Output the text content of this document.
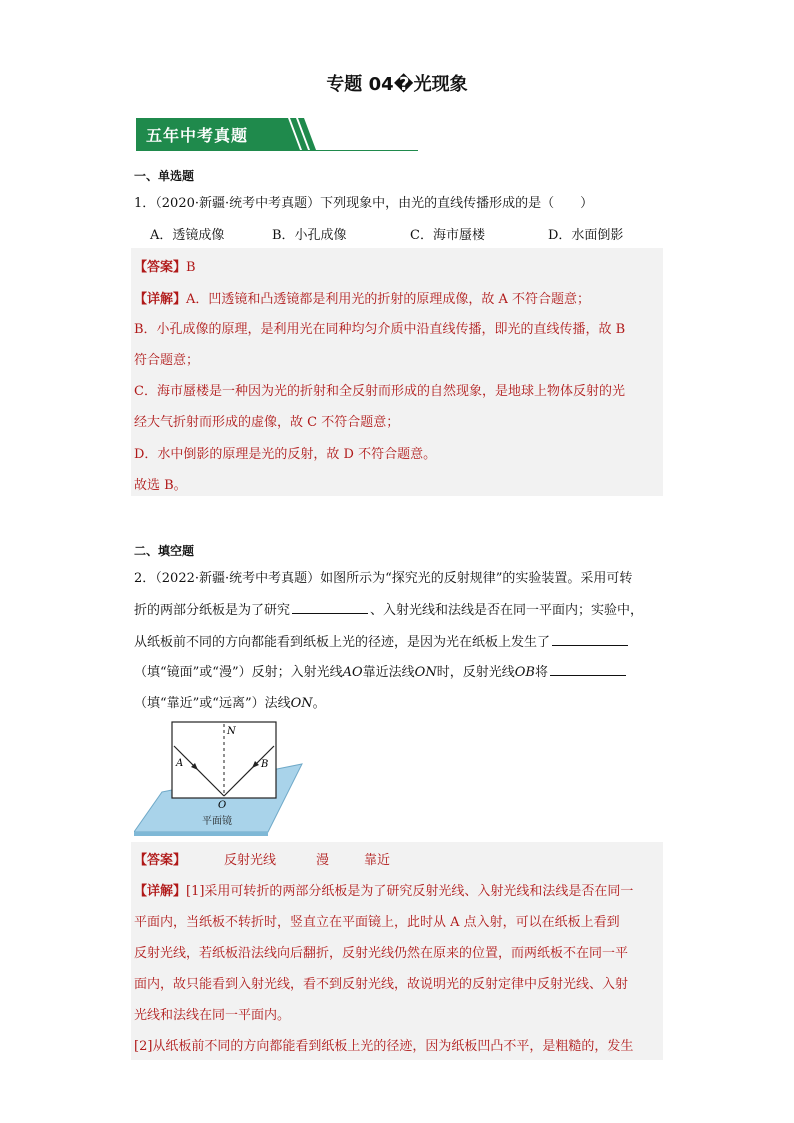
专题 04�光现象
五年中考真题
一、单选题
1．（2020·新疆·统考中考真题）下列现象中，由光的直线传播形成的是（　　）
A．透镜成像	B．小孔成像	C．海市蜃楼	D．水面倒影
【答案】B
【详解】A．凹透镜和凸透镜都是利用光的折射的原理成像，故 A 不符合题意；
B．小孔成像的原理，是利用光在同种均匀介质中沿直线传播，即光的直线传播，故 B
符合题意；
C．海市蜃楼是一种因为光的折射和全反射而形成的自然现象，是地球上物体反射的光
经大气折射而形成的虚像，故 C 不符合题意；
D．水中倒影的原理是光的反射，故 D 不符合题意。
故选 B。
二、填空题
2．（2022·新疆·统考中考真题）如图所示为“探究光的反射规律”的实验装置。采用可转
折的两部分纸板是为了研究	、入射光线和法线是否在同一平面内；实验中，
从纸板前不同的方向都能看到纸板上光的径迹，是因为光在纸板上发生了
（填“镜面”或“漫”）反射；入射光线AO靠近法线ON时，反射光线OB将
（填“靠近”或“远离”）法线ON。
N
A	B
O
平面镜
【答案】	反射光线	漫	靠近
【详解】[1]采用可转折的两部分纸板是为了研究反射光线、入射光线和法线是否在同一
平面内，当纸板不转折时，竖直立在平面镜上，此时从 A 点入射，可以在纸板上看到
反射光线，若纸板沿法线向后翻折，反射光线仍然在原来的位置，而两纸板不在同一平
面内，故只能看到入射光线，看不到反射光线，故说明光的反射定律中反射光线、入射
光线和法线在同一平面内。
[2]从纸板前不同的方向都能看到纸板上光的径迹，因为纸板凹凸不平，是粗糙的，发生
